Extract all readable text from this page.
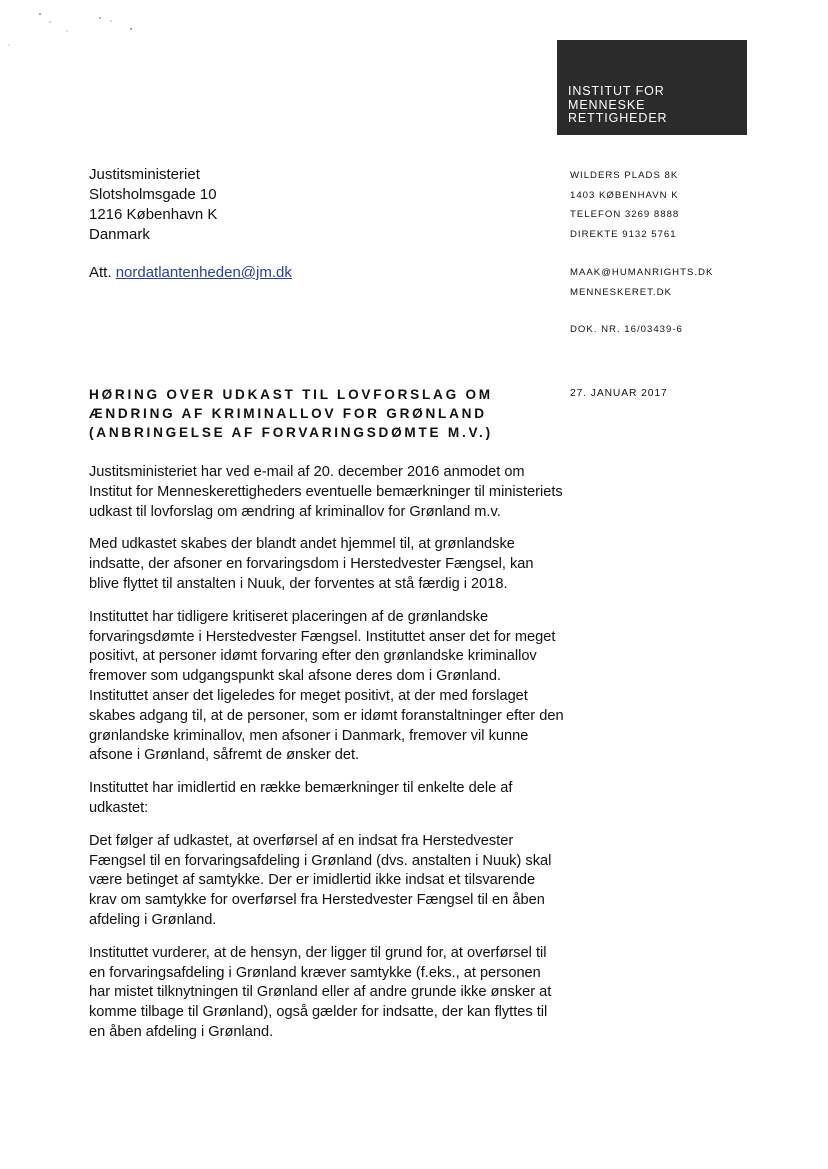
INSTITUT FOR
MENNESKE
RETTIGHEDER
Justitsministeriet
Slotsholmsgade 10
1216 København K
Danmark
Att. nordatlantenheden@jm.dk
WILDERS PLADS 8K
1403 KØBENHAVN K
TELEFON 3269 8888
DIREKTE 9132 5761
MAAK@HUMANRIGHTS.DK
MENNESKERET.DK
DOK. NR. 16/03439-6
27. JANUAR 2017
HØRING OVER UDKAST TIL LOVFORSLAG OM
ÆNDRING AF KRIMINALLOV FOR GRØNLAND
(ANBRINGELSE AF FORVARINGSDØMTE M.V.)

Justitsministeriet har ved e-mail af 20. december 2016 anmodet om Institut for Menneskerettigheders eventuelle bemærkninger til ministeriets udkast til lovforslag om ændring af kriminallov for Grønland m.v.

Med udkastet skabes der blandt andet hjemmel til, at grønlandske indsatte, der afsoner en forvaringsdom i Herstedvester Fængsel, kan blive flyttet til anstalten i Nuuk, der forventes at stå færdig i 2018.

Instituttet har tidligere kritiseret placeringen af de grønlandske forvaringsdømte i Herstedvester Fængsel. Instituttet anser det for meget positivt, at personer idømt forvaring efter den grønlandske kriminallov fremover som udgangspunkt skal afsone deres dom i Grønland. Instituttet anser det ligeledes for meget positivt, at der med forslaget skabes adgang til, at de personer, som er idømt foranstaltninger efter den grønlandske kriminallov, men afsoner i Danmark, fremover vil kunne afsone i Grønland, såfremt de ønsker det.

Instituttet har imidlertid en række bemærkninger til enkelte dele af udkastet:

Det følger af udkastet, at overførsel af en indsat fra Herstedvester Fængsel til en forvaringsafdeling i Grønland (dvs. anstalten i Nuuk) skal være betinget af samtykke. Der er imidlertid ikke indsat et tilsvarende krav om samtykke for overførsel fra Herstedvester Fængsel til en åben afdeling i Grønland.

Instituttet vurderer, at de hensyn, der ligger til grund for, at overførsel til en forvaringsafdeling i Grønland kræver samtykke (f.eks., at personen har mistet tilknytningen til Grønland eller af andre grunde ikke ønsker at komme tilbage til Grønland), også gælder for indsatte, der kan flyttes til en åben afdeling i Grønland.
